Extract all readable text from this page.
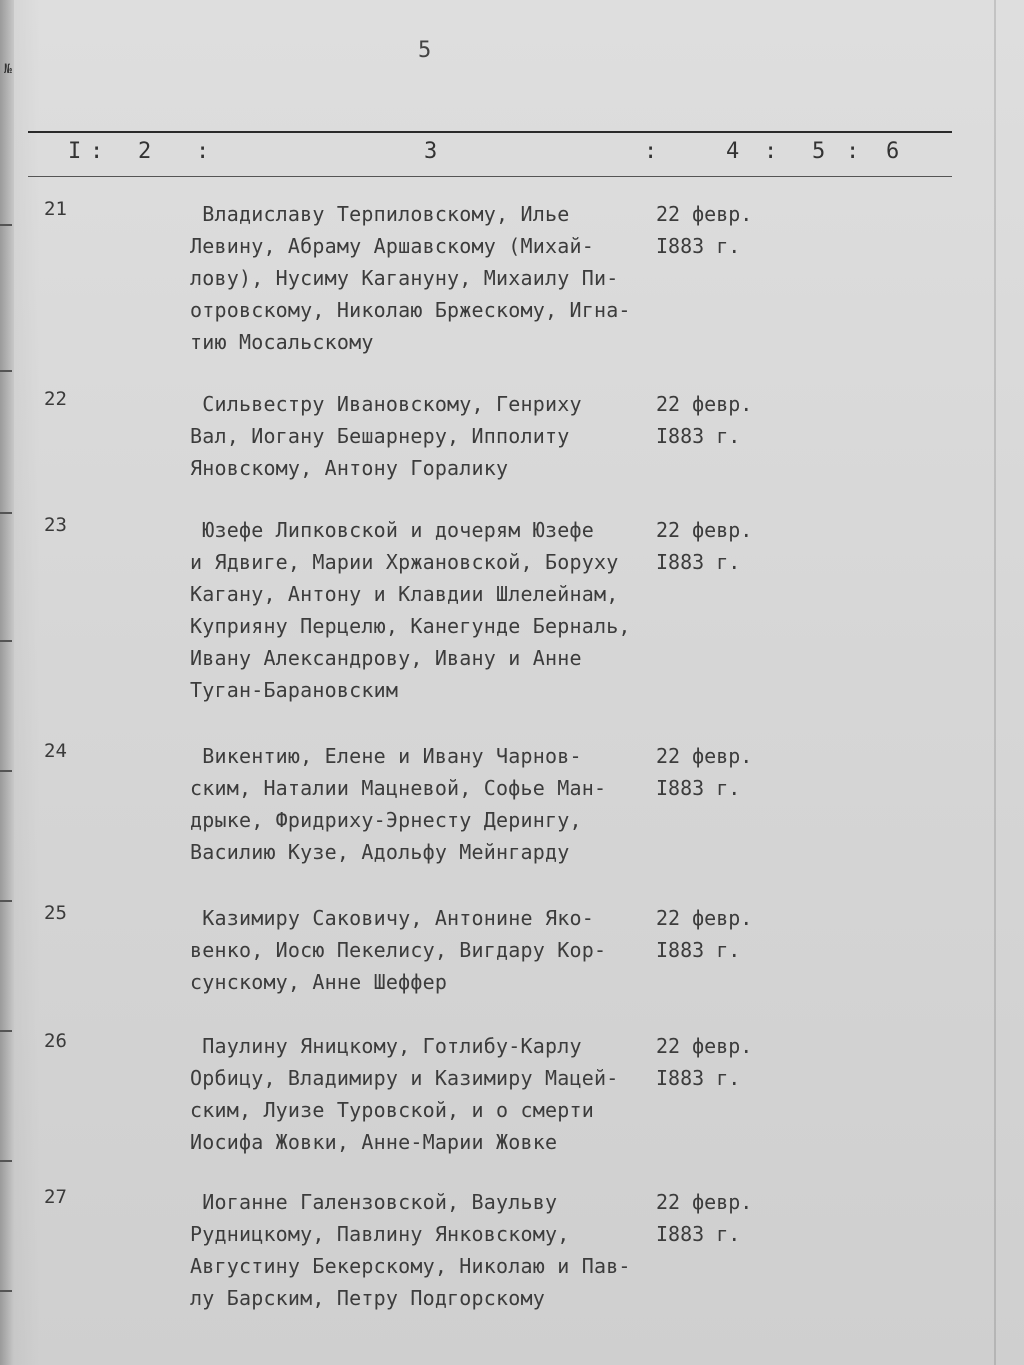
№
5
I : 2 :	3	:	4 : 5 : 6
21	Владиславу Терпиловскому, Илье
Левину, Абраму Аршавскому (Михай-
лову), Нусиму Кагануну, Михаилу Пи-
отровскому, Николаю Бржескому, Игна-
тию Мосальскому
22 февр.
I883 г.
22	Сильвестру Ивановскому, Генриху
Вал, Иогану Бешарнеру, Ипполиту
Яновскому, Антону Горалику
22 февр.
I883 г.
23	Юзефе Липковской и дочерям Юзефе
и Ядвиге, Марии Хржановской, Боруху
Кагану, Антону и Клавдии Шлелейнам,
Куприяну Перцелю, Канегунде Берналь,
Ивану Александрову, Ивану и Анне
Туган-Барановским
22 февр.
I883 г.
24	Викентию, Елене и Ивану Чарнов-
ским, Наталии Мацневой, Софье Ман-
дрыке, Фридриху-Эрнесту Дерингу,
Василию Кузе, Адольфу Мейнгарду
22 февр.
I883 г.
25	Казимиру Саковичу, Антонине Яко-
венко, Иосю Пекелису, Вигдару Кор-
сунскому, Анне Шеффер
22 февр.
I883 г.
26	Паулину Яницкому, Готлибу-Карлу
Орбицу, Владимиру и Казимиру Мацей-
ским, Луизе Туровской, и о смерти
Иосифа Жовки, Анне-Марии Жовке
22 февр.
I883 г.
27	Иоганне Галензовской, Ваульву
Рудницкому, Павлину Янковскому,
Августину Бекерскому, Николаю и Пав-
лу Барским, Петру Подгорскому
22 февр.
I883 г.
